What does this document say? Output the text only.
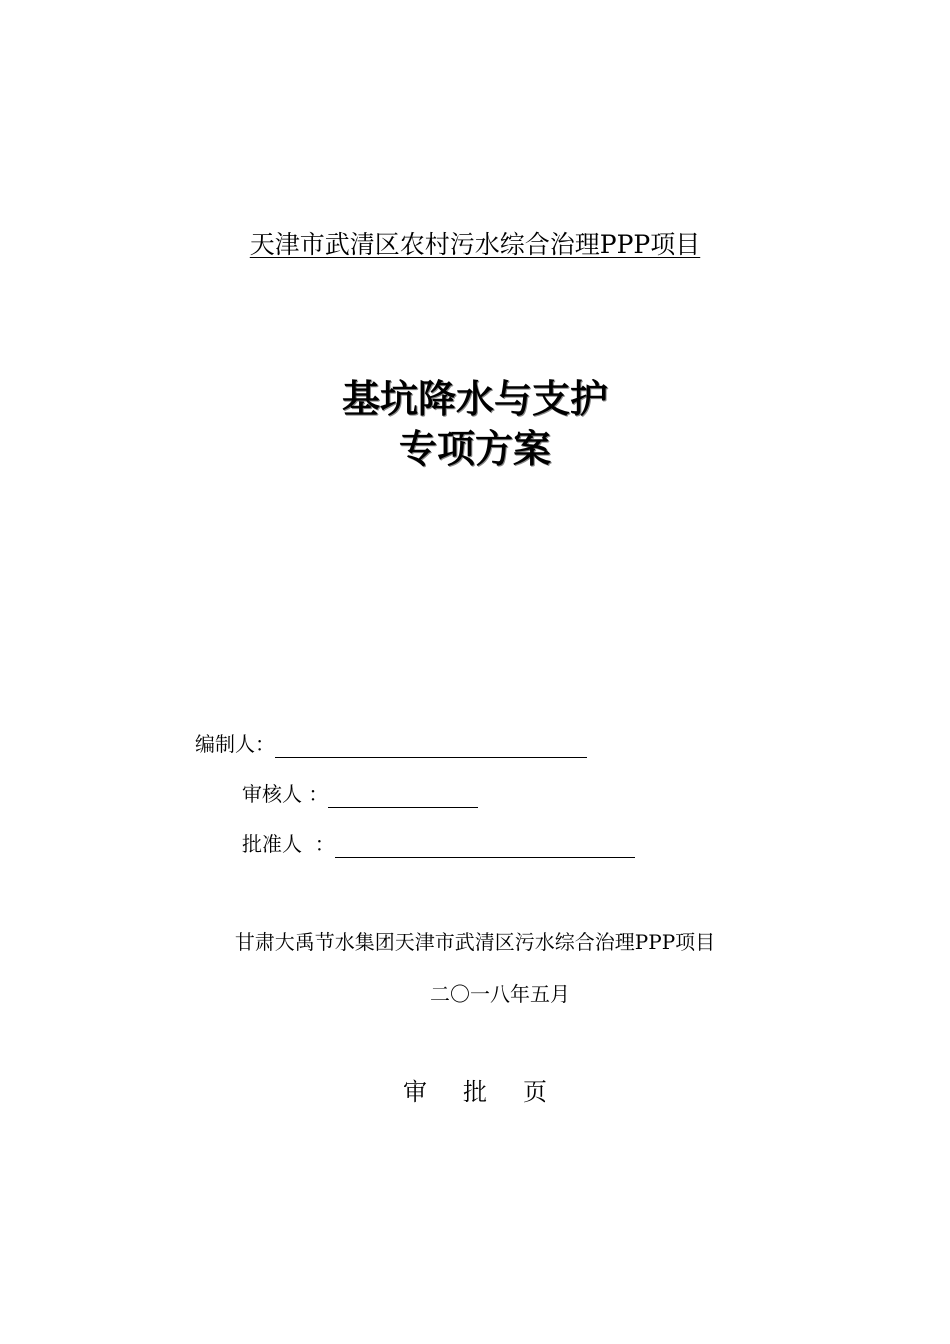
天津市武清区农村污水综合治理PPP项目
基坑降水与支护
专项方案
编制人：
审核人 ：
批准人  ：
甘肃大禹节水集团天津市武清区污水综合治理PPP项目
二〇一八年五月
审批页
